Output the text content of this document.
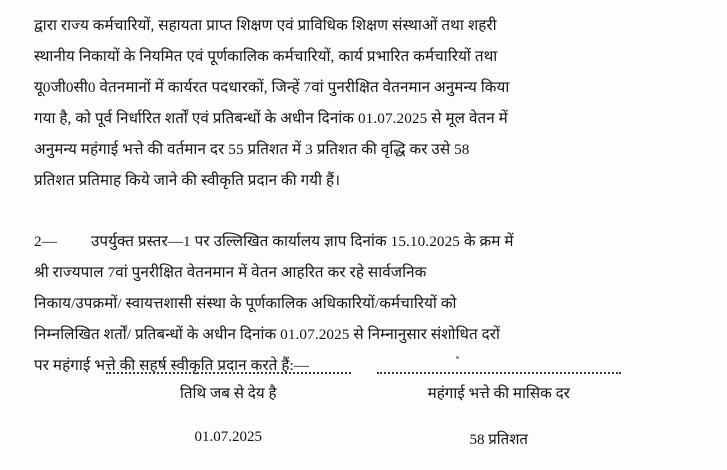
द्वारा राज्य कर्मचारियों, सहायता प्राप्त शिक्षण एवं प्राविधिक शिक्षण संस्थाओं तथा शहरी
स्थानीय निकायों के नियमित एवं पूर्णकालिक कर्मचारियों, कार्य प्रभारित कर्मचारियों तथा
यू0जी0सी0 वेतनमानों में कार्यरत पदधारकों, जिन्हें 7वां पुनरीक्षित वेतनमान अनुमन्य किया
गया है, को पूर्व निर्धारित शर्तों एवं प्रतिबन्धों के अधीन दिनांक 01.07.2025 से मूल वेतन में
अनुमन्य महंगाई भत्ते की वर्तमान दर 55 प्रतिशत में 3 प्रतिशत की वृद्धि कर उसे 58
प्रतिशत प्रतिमाह किये जाने की स्वीकृति प्रदान की गयी हैं।
2— उपर्युक्त प्रस्तर—1 पर उल्लिखित कार्यालय ज्ञाप दिनांक 15.10.2025 के क्रम में
श्री राज्यपाल 7वां पुनरीक्षित वेतनमान में वेतन आहरित कर रहे सार्वजनिक
निकाय/उपक्रमों/ स्वायत्तशासी संस्था के पूर्णकालिक अधिकारियों/कर्मचारियों को
निम्नलिखित शर्तों/ प्रतिबन्धों के अधीन दिनांक 01.07.2025 से निम्नानुसार संशोधित दरों
पर महंगाई भत्ते की सहर्ष स्वीकृति प्रदान करते हैं:—
तिथि जब से देय है	महंगाई भत्ते की मासिक दर
01.07.2025	58 प्रतिशत
